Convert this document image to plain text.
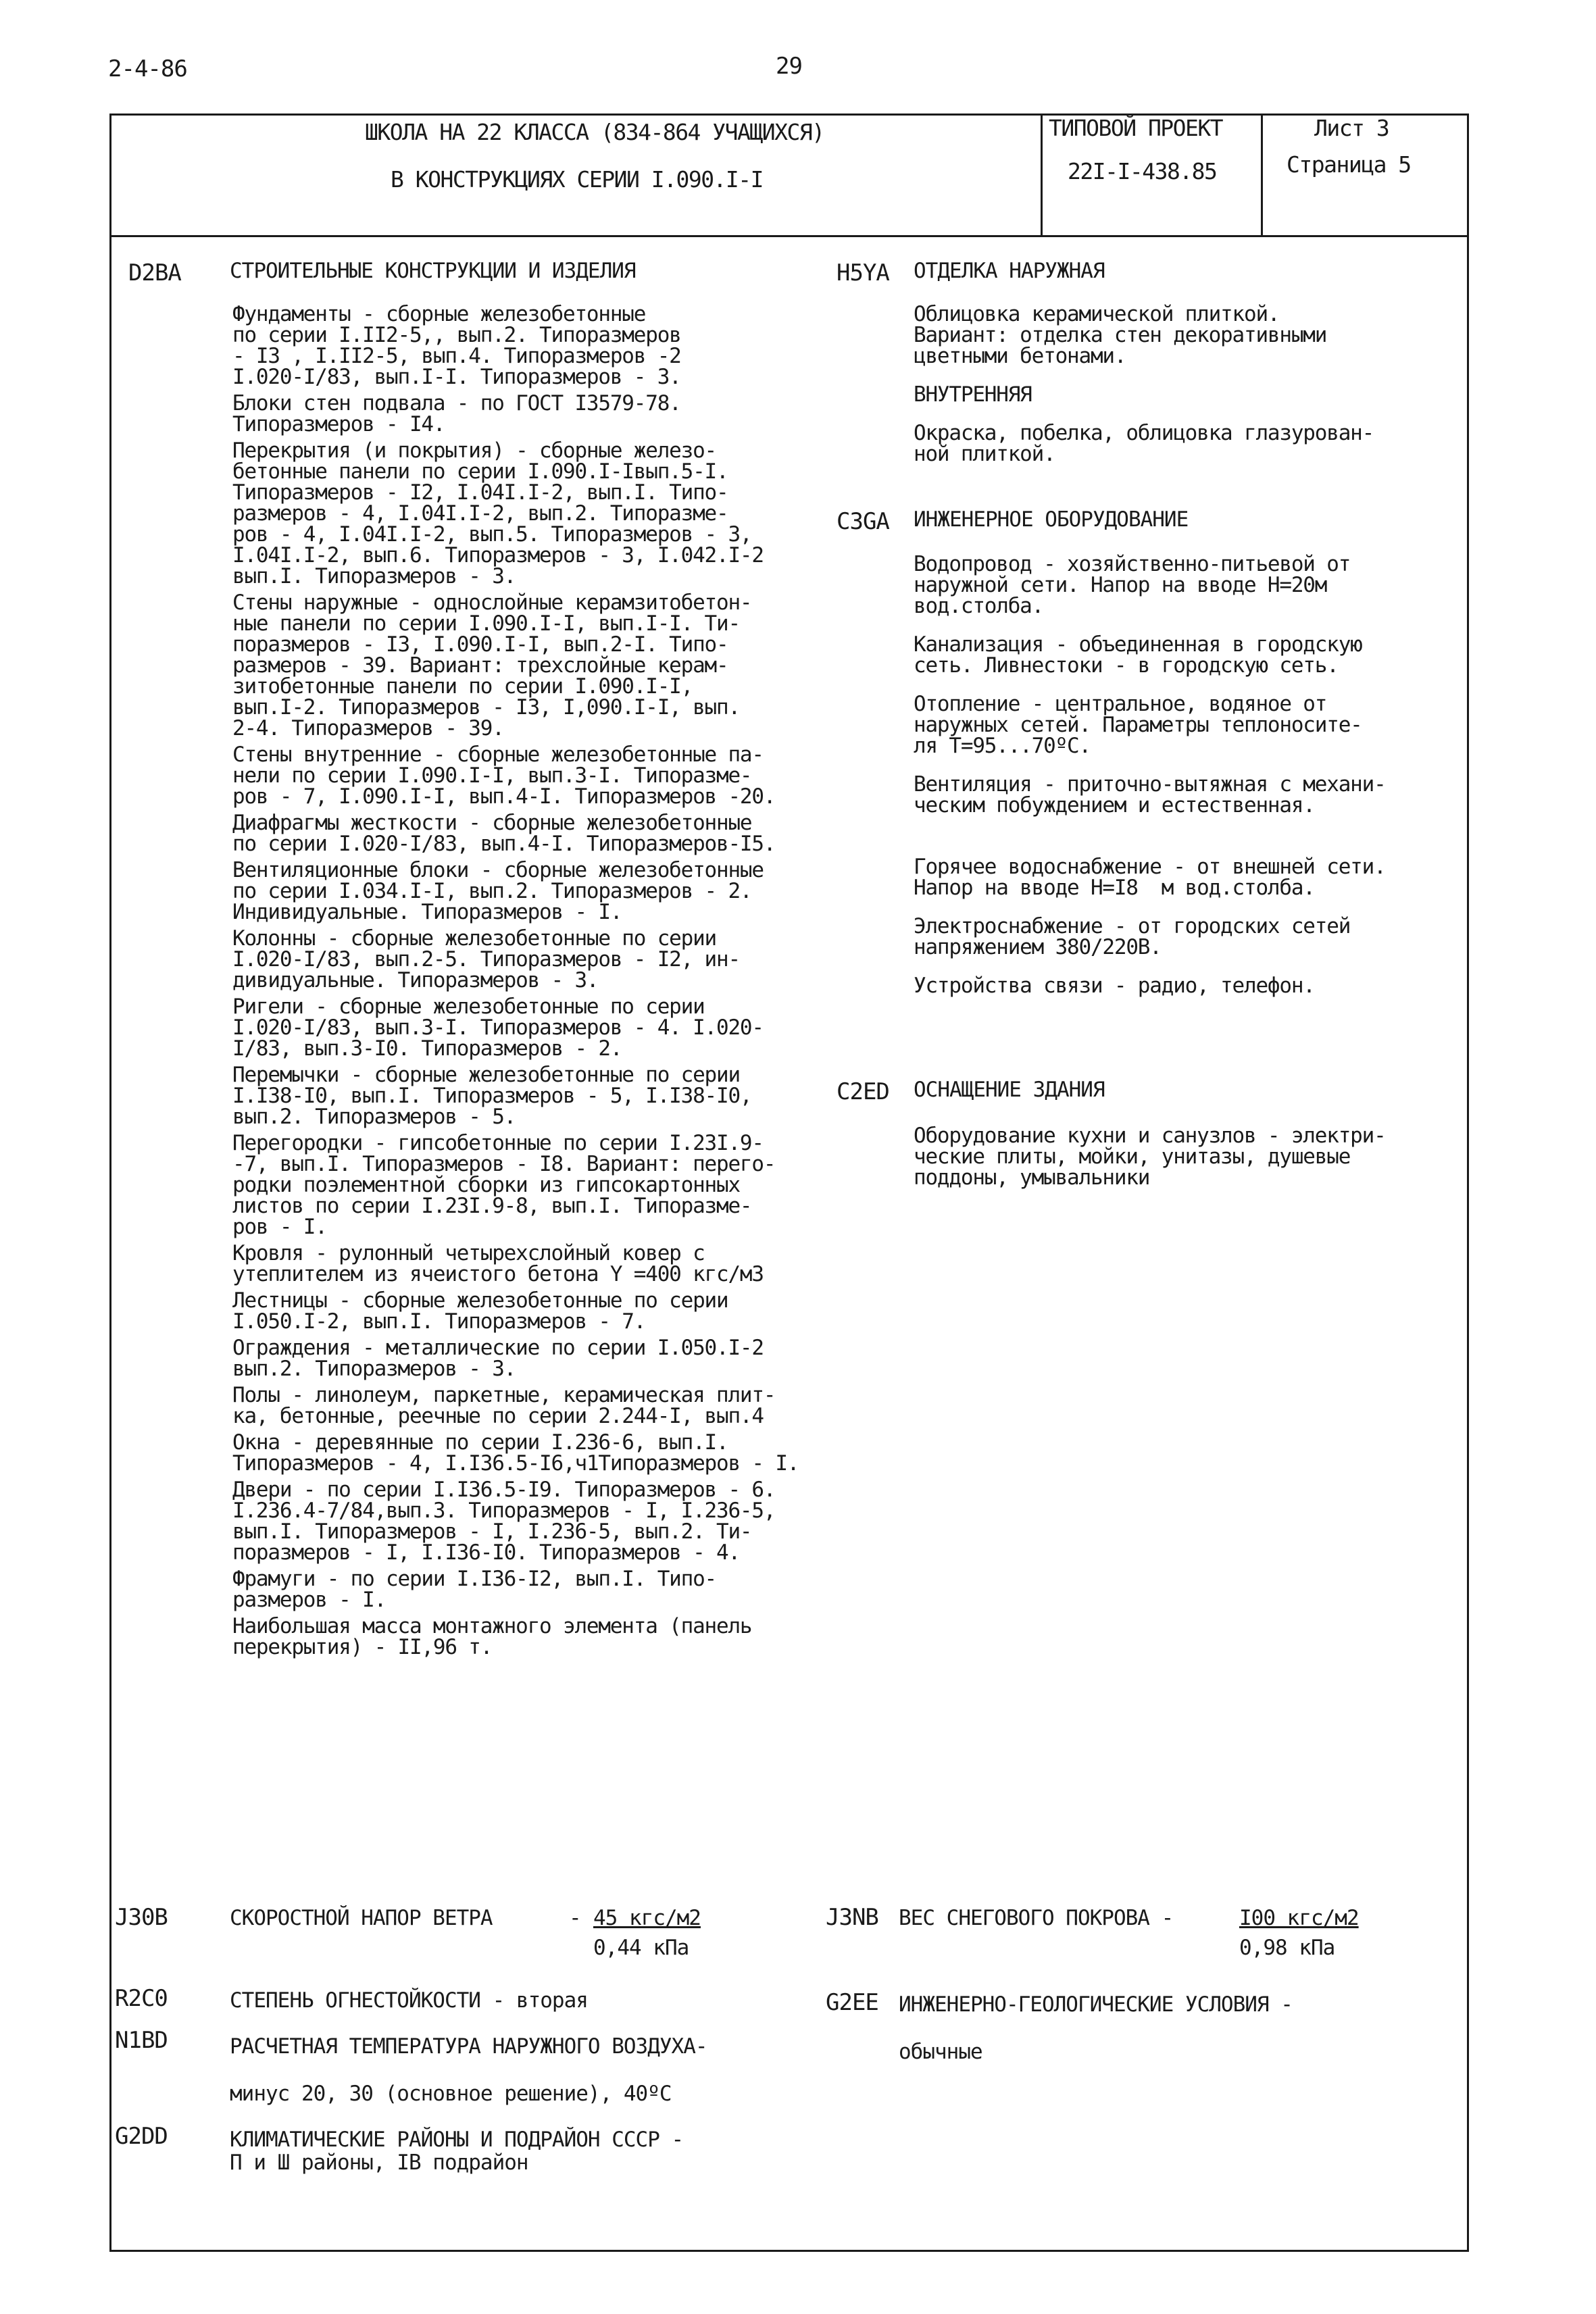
2-4-86	29
ШКОЛА НА 22 КЛАССА (834-864 УЧАЩИХСЯ)
В КОНСТРУКЦИЯХ СЕРИИ I.090.I-I
ТИПОВОЙ ПРОЕКТ
22I-I-438.85
Лист 3
Страница 5
D2BA СТРОИТЕЛЬНЫЕ КОНСТРУКЦИИ И ИЗДЕЛИЯ

Фундаменты - сборные железобетонные
по серии I.II2-5,, вып.2. Типоразмеров
- I3 , I.II2-5, вып.4. Типоразмеров -2
I.020-I/83, вып.I-I. Типоразмеров - 3.

Блоки стен подвала - по ГОСТ I3579-78.
Типоразмеров - I4.

Перекрытия (и покрытия) - сборные железо-
бетонные панели по серии I.090.I-Iвып.5-I.
Типоразмеров - I2, I.04I.I-2, вып.I. Типо-
размеров - 4, I.04I.I-2, вып.2. Типоразме-
ров - 4, I.04I.I-2, вып.5. Типоразмеров - 3,
I.04I.I-2, вып.6. Типоразмеров - 3, I.042.I-2
вып.I. Типоразмеров - 3.

Стены наружные - однослойные керамзитобетон-
ные панели по серии I.090.I-I, вып.I-I. Ти-
поразмеров - I3, I.090.I-I, вып.2-I. Типо-
размеров - 39. Вариант: трехслойные керам-
зитобетонные панели по серии I.090.I-I,
вып.I-2. Типоразмеров - I3, I,090.I-I, вып.
2-4. Типоразмеров - 39.

Стены внутренние - сборные железобетонные па-
нели по серии I.090.I-I, вып.3-I. Типоразме-
ров - 7, I.090.I-I, вып.4-I. Типоразмеров -20.

Диафрагмы жесткости - сборные железобетонные
по серии I.020-I/83, вып.4-I. Типоразмеров-I5.

Вентиляционные блоки - сборные железобетонные
по серии I.034.I-I, вып.2. Типоразмеров - 2.
Индивидуальные. Типоразмеров - I.

Колонны - сборные железобетонные по серии
I.020-I/83, вып.2-5. Типоразмеров - I2, ин-
дивидуальные. Типоразмеров - 3.

Ригели - сборные железобетонные по серии
I.020-I/83, вып.3-I. Типоразмеров - 4. I.020-
I/83, вып.3-I0. Типоразмеров - 2.

Перемычки - сборные железобетонные по серии
I.I38-I0, вып.I. Типоразмеров - 5, I.I38-I0,
вып.2. Типоразмеров - 5.

Перегородки - гипсобетонные по серии I.23I.9-
-7, вып.I. Типоразмеров - I8. Вариант: перего-
родки поэлементной сборки из гипсокартонных
листов по серии I.23I.9-8, вып.I. Типоразме-
ров - I.

Кровля - рулонный четырехслойный ковер с
утеплителем из ячеистого бетона Y =400 кгс/м3

Лестницы - сборные железобетонные по серии
I.050.I-2, вып.I. Типоразмеров - 7.

Ограждения - металлические по серии I.050.I-2
вып.2. Типоразмеров - 3.

Полы - линолеум, паркетные, керамическая плит-
ка, бетонные, реечные по серии 2.244-I, вып.4

Окна - деревянные по серии I.236-6, вып.I.
Типоразмеров - 4, I.I36.5-I6,ч1Типоразмеров - I.

Двери - по серии I.I36.5-I9. Типоразмеров - 6.
I.236.4-7/84,вып.3. Типоразмеров - I, I.236-5,
вып.I. Типоразмеров - I, I.236-5, вып.2. Ти-
поразмеров - I, I.I36-I0. Типоразмеров - 4.

Фрамуги - по серии I.I36-I2, вып.I. Типо-
размеров - I.

Наибольшая масса монтажного элемента (панель
перекрытия) - II,96 т.

H5YA ОТДЕЛКА НАРУЖНАЯ

Облицовка керамической плиткой.
Вариант: отделка стен декоративными
цветными бетонами.

ВНУТРЕННЯЯ

Окраска, побелка, облицовка глазурован-
ной плиткой.

C3GA ИНЖЕНЕРНОЕ ОБОРУДОВАНИЕ

Водопровод - хозяйственно-питьевой от
наружной сети. Напор на вводе Н=20м
вод.столба.

Канализация - объединенная в городскую
сеть. Ливнестоки - в городскую сеть.

Отопление - центральное, водяное от
наружных сетей. Параметры теплоносите-
ля Т=95...70ºС.

Вентиляция - приточно-вытяжная с механи-
ческим побуждением и естественная.

Горячее водоснабжение - от внешней сети.
Напор на вводе Н=I8  м вод.столба.

Электроснабжение - от городских сетей
напряжением 380/220В.

Устройства связи - радио, телефон.

C2ED ОСНАЩЕНИЕ ЗДАНИЯ

Оборудование кухни и санузлов - электри-
ческие плиты, мойки, унитазы, душевые
поддоны, умывальники

J30B	СКОРОСТНОЙ НАПОР ВЕТРА	- 45 кгс/м2
0,44 кПа
J3NB ВЕС СНЕГОВОГО ПОКРОВА -	I00 кгс/м2
0,98 кПа
R2C0	СТЕПЕНЬ ОГНЕСТОЙКОСТИ - вторая	G2EE ИНЖЕНЕРНО-ГЕОЛОГИЧЕСКИЕ УСЛОВИЯ -
обычные
N1BD	РАСЧЕТНАЯ ТЕМПЕРАТУРА НАРУЖНОГО ВОЗДУХА-
минус 20, 30 (основное решение), 40ºС
G2DD	КЛИМАТИЧЕСКИЕ РАЙОНЫ И ПОДРАЙОН СССР -
П и Ш районы, IВ подрайон
